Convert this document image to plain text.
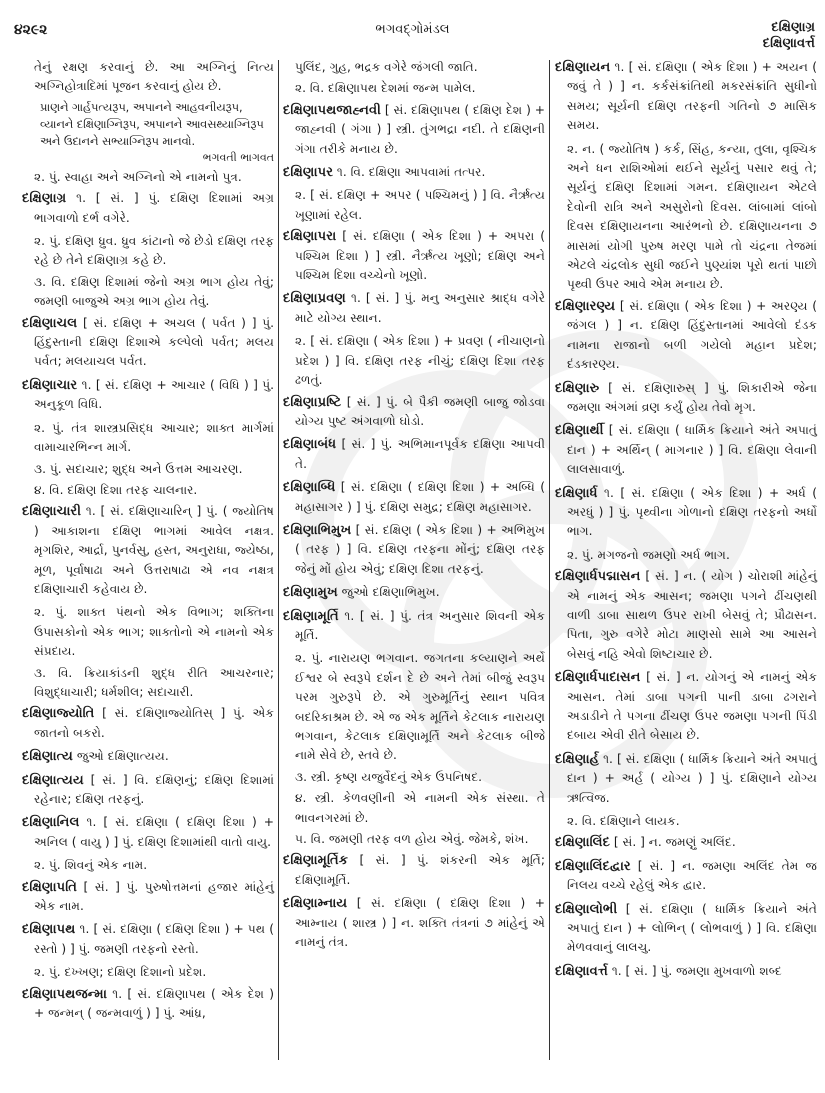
૪૨૯૨	ભગવદ્ગોમંડલ	દક્ષિણાગ્ર
દક્ષિણાવર્ત્ત

તેનું રક્ષણ કરવાનું છે. આ અગ્નિનું નિત્ય અગ્નિહોત્રાદિમાં પૂજન કરવાનું હોય છે.

પ્રાણને ગાર્હપત્યરૂપ, અપાનને આહવનીયરૂપ, વ્યાનને દક્ષિણાગ્નિરૂપ, અપાનને આવસથ્યાગ્નિરૂપ અને ઉદાનને સભ્યાગ્નિરૂપ માનવો.

ભગવતી ભાગવત

૨. પું. સ્વાહા અને અગ્નિનો એ નામનો પુત્ર.

દક્ષિણાગ્ર ૧. [ સં. ] પું. દક્ષિણ દિશામાં અગ્ર ભાગવાળો દર્ભ વગેરે.

૨. પું. દક્ષિણ ધ્રુવ. ધ્રુવ કાંટાનો જે છેડો દક્ષિણ તરફ રહે છે તેને દક્ષિણાગ્ર કહે છે.

૩. વિ. દક્ષિણ દિશામાં જેનો અગ્ર ભાગ હોય તેવું; જમણી બાજુએ અગ્ર ભાગ હોય તેવું.

દક્ષિણાચલ [ સં. દક્ષિણ + અચલ ( પર્વત ) ] પું. હિંદુસ્તાની દક્ષિણ દિશાએ કલ્પેલો પર્વત; મલય પર્વત; મલયાચલ પર્વત.

દક્ષિણાચાર ૧. [ સં. દક્ષિણ + આચાર ( વિધિ ) ] પું. અનુકૂળ વિધિ.

૨. પું. તંત્ર શાસ્ત્રપ્રસિદ્ધ આચાર; શાક્ત માર્ગમાં વામાચારભિન્ન માર્ગ.

૩. પું. સદાચાર; શુદ્ધ અને ઉત્તમ આચરણ.

૪. વિ. દક્ષિણ દિશા તરફ ચાલનાર.

દક્ષિણાચારી ૧. [ સં. દક્ષિણાચારિન્ ] પું. ( જ્યોતિષ ) આકાશના દક્ષિણ ભાગમાં આવેલ નક્ષત્ર. મૃગશિર, આર્દ્રા, પુનર્વસુ, હસ્ત, અનુરાધા, જ્યેષ્ઠા, મૂળ, પૂર્વાષાઢા અને ઉત્તરાષાઢા એ નવ નક્ષત્ર દક્ષિણાચારી કહેવાય છે.

૨. પું. શાક્ત પંથનો એક વિભાગ; શક્તિના ઉપાસકોનો એક ભાગ; શાક્તોનો એ નામનો એક સંપ્રદાય.

૩. વિ. ક્રિયાકાંડની શુદ્ધ રીતિ આચરનાર; વિશુદ્ધાચારી; ધર્મશીલ; સદાચારી.

દક્ષિણાજ્યોતિ [ સં. દક્ષિણાજ્યોતિસ્ ] પું. એક જાતનો બકરો.

દક્ષિણાત્ય જુઓ દક્ષિણાત્યય.

દક્ષિણાત્યય [ સં. ] વિ. દક્ષિણનું; દક્ષિણ દિશામાં રહેનાર; દક્ષિણ તરફનું.

દક્ષિણાનિલ ૧. [ સં. દક્ષિણા ( દક્ષિણ દિશા ) + અનિલ ( વાયુ ) ] પું. દક્ષિણ દિશામાંથી વાતો વાયુ.

૨. પું. શિવનું એક નામ.

દક્ષિણાપતિ [ સં. ] પું. પુરુષોત્તમનાં હજાર માંહેનું એક નામ.

દક્ષિણાપથ ૧. [ સં. દક્ષિણા ( દક્ષિણ દિશા ) + પથ ( રસ્તો ) ] પું. જમણી તરફનો રસ્તો.

૨. પું. દખ્ખણ; દક્ષિણ દિશાનો પ્રદેશ.

દક્ષિણાપથજન્મા ૧. [ સં. દક્ષિણાપથ ( એક દેશ ) + જન્મન્ ( જન્મવાળું ) ] પું. આંધ્ર,

પુલિંદ, ગુહ, ભદ્રક વગેરે જંગલી જાતિ.

૨. વિ. દક્ષિણાપથ દેશમાં જન્મ પામેલ.

દક્ષિણાપથજાહ્નવી [ સં. દક્ષિણાપથ ( દક્ષિણ દેશ ) + જાહ્નવી ( ગંગા ) ] સ્ત્રી. તુંગભદ્રા નદી. તે દક્ષિણની ગંગા તરીકે મનાય છે.

દક્ષિણાપર ૧. વિ. દક્ષિણા આપવામાં તત્પર.

૨. [ સં. દક્ષિણ + અપર ( પશ્ચિમનું ) ] વિ. નૈર્ઋત્ય ખૂણામાં રહેલ.

દક્ષિણાપરા [ સં. દક્ષિણા ( એક દિશા ) + અપરા ( પશ્ચિમ દિશા ) ] સ્ત્રી. નૈર્ઋત્ય ખૂણો; દક્ષિણ અને પશ્ચિમ દિશા વચ્ચેનો ખૂણો.

દક્ષિણાપ્રવણ ૧. [ સં. ] પું. મનુ અનુસાર શ્રાદ્ધ વગેરે માટે યોગ્ય સ્થાન.

૨. [ સં. દક્ષિણા ( એક દિશા ) + પ્રવણ ( નીચાણનો પ્રદેશ ) ] વિ. દક્ષિણ તરફ નીચું; દક્ષિણ દિશા તરફ ઢળતું.

દક્ષિણાપ્રષ્ટિ [ સં. ] પું. બે પૈકી જમણી બાજુ જોડવા યોગ્ય પુષ્ટ અંગવાળો ઘોડો.

દક્ષિણાબંધ [ સં. ] પું. અભિમાનપૂર્વક દક્ષિણા આપવી તે.

દક્ષિણાબ્ધિ [ સં. દક્ષિણા ( દક્ષિણ દિશા ) + અબ્ધિ ( મહાસાગર ) ] પું. દક્ષિણ સમુદ્ર; દક્ષિણ મહાસાગર.

દક્ષિણાભિમુખ [ સં. દક્ષિણ ( એક દિશા ) + અભિમુખ ( તરફ ) ] વિ. દક્ષિણ તરફના મોંનું; દક્ષિણ તરફ જેનું મોં હોય એવું; દક્ષિણ દિશા તરફનું.

દક્ષિણામુખ જુઓ દક્ષિણાભિમુખ.

દક્ષિણામૂર્તિ ૧. [ સં. ] પું. તંત્ર અનુસાર શિવની એક મૂર્તિ.

૨. પું. નારાયણ ભગવાન. જગતના કલ્યાણને અર્થે ઈશ્વર બે સ્વરૂપે દર્શન દે છે અને તેમાં બીજું સ્વરૂપ પરમ ગુરુરૂપે છે. એ ગુરુમૂર્તિનું સ્થાન પવિત્ર બદરિકાશ્રમ છે. એ જ એક મૂર્તિને કેટલાક નારાયણ ભગવાન, કેટલાક દક્ષિણામૂર્તિ અને કેટલાક બીજે નામે સેવે છે, સ્તવે છે.

૩. સ્ત્રી. કૃષ્ણ યજુર્વેદનું એક ઉપનિષદ.

૪. સ્ત્રી. કેળવણીની એ નામની એક સંસ્થા. તે ભાવનગરમાં છે.

૫. વિ. જમણી તરફ વળ હોય એવું. જેમકે, શંખ.

દક્ષિણામૂર્તિક [ સં. ] પું. શંકરની એક મૂર્તિ; દક્ષિણામૂર્તિ.

દક્ષિણામ્નાય [ સં. દક્ષિણા ( દક્ષિણ દિશા ) + આમ્નાય ( શાસ્ત્ર ) ] ન. શક્તિ તંત્રનાં ૭ માંહેનું એ નામનું તંત્ર.

દક્ષિણાયન ૧. [ સં. દક્ષિણા ( એક દિશા ) + અયન ( જવું તે ) ] ન. કર્કસંક્રાંતિથી મકરસંક્રાંતિ સુધીનો સમય; સૂર્યની દક્ષિણ તરફની ગતિનો ૭ માસિક સમય.

૨. ન. ( જ્યોતિષ ) કર્ક, સિંહ, કન્યા, તુલા, વૃશ્ચિક અને ધન રાશિઓમાં થઈને સૂર્યનું પસાર થવું તે; સૂર્યનું દક્ષિણ દિશામાં ગમન. દક્ષિણાયન એટલે દેવોની રાત્રિ અને અસુરોનો દિવસ. લાંબામાં લાંબો દિવસ દક્ષિણાયનના આરંભનો છે. દક્ષિણાયનના ૭ માસમાં યોગી પુરુષ મરણ પામે તો ચંદ્રના તેજમાં એટલે ચંદ્રલોક સુધી જઈને પુણ્યાંશ પૂરો થતાં પાછો પૃથ્વી ઉપર આવે એમ મનાય છે.

દક્ષિણારણ્ય [ સં. દક્ષિણા ( એક દિશા ) + અરણ્ય ( જંગલ ) ] ન. દક્ષિણ હિંદુસ્તાનમાં આવેલો દંડક નામના રાજાનો બળી ગયેલો મહાન પ્રદેશ; દંડકારણ્ય.

દક્ષિણારુ [ સં. દક્ષિણારુસ્ ] પું. શિકારીએ જેના જમણા અંગમાં વ્રણ કર્યું હોય તેવો મૃગ.

દક્ષિણાર્થી [ સં. દક્ષિણા ( ધાર્મિક ક્રિયાને અંતે અપાતું દાન ) + અર્થિન્ ( માગનાર ) ] વિ. દક્ષિણા લેવાની લાલસાવાળું.

દક્ષિણાર્ધ ૧. [ સં. દક્ષિણા ( એક દિશા ) + અર્ધ ( અરધું ) ] પું. પૃથ્વીના ગોળાનો દક્ષિણ તરફનો અર્ધો ભાગ.

૨. પું. મગજનો જમણો અર્ધ ભાગ.

દક્ષિણાર્ધપદ્માસન [ સં. ] ન. ( યોગ ) ચોરાશી માંહેનું એ નામનું એક આસન; જમણા પગને ઢીંચણથી વાળી ડાબા સાથળ ઉપર રાખી બેસવું તે; પ્રૌઢાસન. પિતા, ગુરુ વગેરે મોટા માણસો સામે આ આસને બેસવું નહિ એવો શિષ્ટાચાર છે.

દક્ષિણાર્ધપાદાસન [ સં. ] ન. યોગનું એ નામનું એક આસન. તેમાં ડાબા પગની પાની ડાબા ઢગરાને અડાડીને તે પગના ઢીંચણ ઉપર જમણા પગની પિંડી દબાય એવી રીતે બેસાય છે.

દક્ષિણાર્હ ૧. [ સં. દક્ષિણા ( ધાર્મિક ક્રિયાને અંતે અપાતું દાન ) + અર્હ ( યોગ્ય ) ] પું. દક્ષિણાને યોગ્ય ઋત્વિજ.

૨. વિ. દક્ષિણાને લાયક.

દક્ષિણાલિંદ [ સં. ] ન. જમણું અલિંદ.

દક્ષિણાલિંદદ્વાર [ સં. ] ન. જમણા અલિંદ તેમ જ નિલય વચ્ચે રહેલું એક દ્વાર.

દક્ષિણાલોભી [ સં. દક્ષિણા ( ધાર્મિક ક્રિયાને અંતે અપાતું દાન ) + લોભિન્ ( લોભવાળું ) ] વિ. દક્ષિણા મેળવવાનું લાલચુ.

દક્ષિણાવર્ત્ત ૧. [ સં. ] પું. જમણા મુખવાળો શબ્દ
